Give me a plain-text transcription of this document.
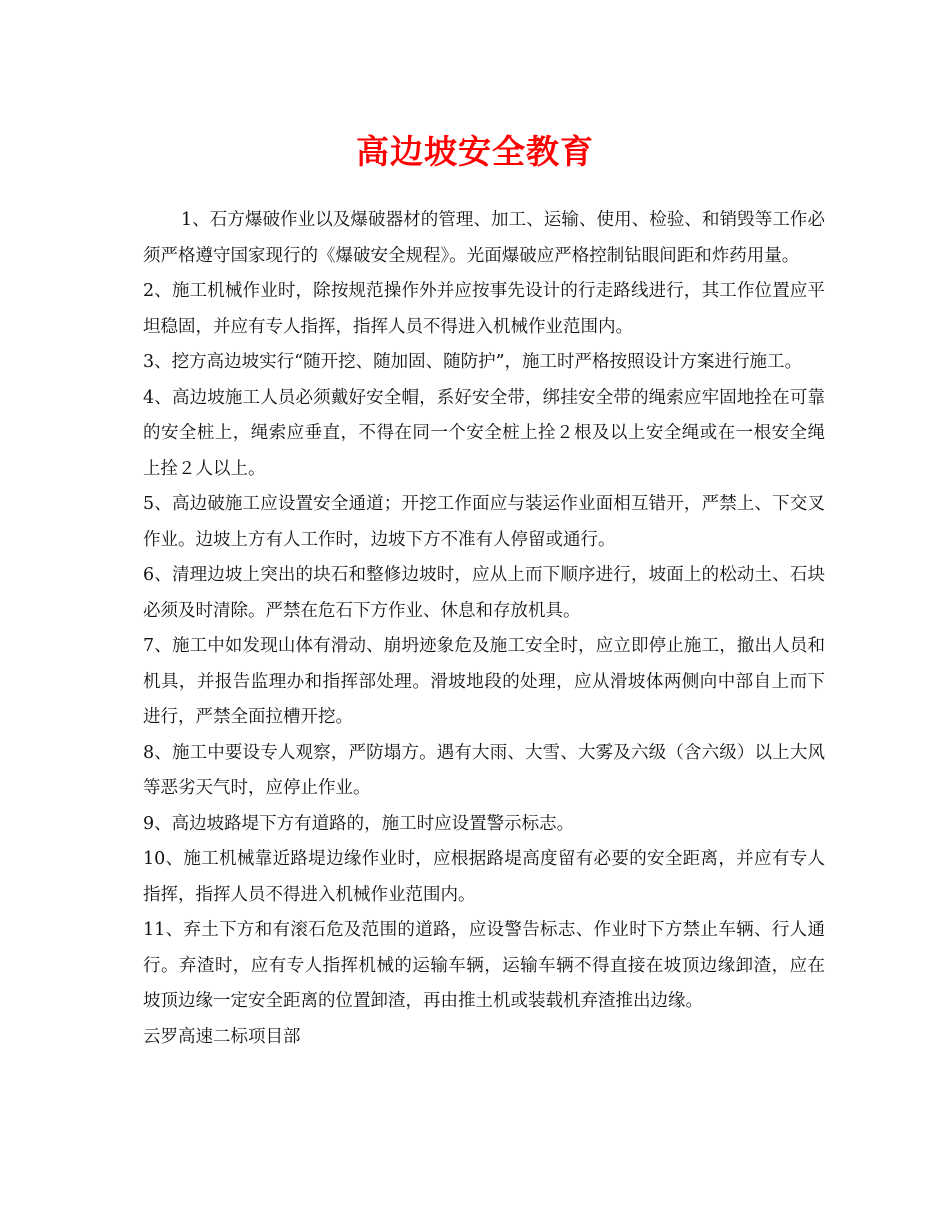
高边坡安全教育

1、石方爆破作业以及爆破器材的管理、加工、运输、使用、检验、和销毁等工作必须严格遵守国家现行的《爆破安全规程》。光面爆破应严格控制钻眼间距和炸药用量。

2、施工机械作业时，除按规范操作外并应按事先设计的行走路线进行，其工作位置应平坦稳固，并应有专人指挥，指挥人员不得进入机械作业范围内。

3、挖方高边坡实行“随开挖、随加固、随防护”，施工时严格按照设计方案进行施工。

4、高边坡施工人员必须戴好安全帽，系好安全带，绑挂安全带的绳索应牢固地拴在可靠的安全桩上，绳索应垂直，不得在同一个安全桩上拴２根及以上安全绳或在一根安全绳上拴２人以上。

5、高边破施工应设置安全通道；开挖工作面应与装运作业面相互错开，严禁上、下交叉作业。边坡上方有人工作时，边坡下方不准有人停留或通行。

6、清理边坡上突出的块石和整修边坡时，应从上而下顺序进行，坡面上的松动土、石块必须及时清除。严禁在危石下方作业、休息和存放机具。

7、施工中如发现山体有滑动、崩坍迹象危及施工安全时，应立即停止施工，撤出人员和机具，并报告监理办和指挥部处理。滑坡地段的处理，应从滑坡体两侧向中部自上而下进行，严禁全面拉槽开挖。

8、施工中要设专人观察，严防塌方。遇有大雨、大雪、大雾及六级（含六级）以上大风等恶劣天气时，应停止作业。

9、高边坡路堤下方有道路的，施工时应设置警示标志。

10、施工机械靠近路堤边缘作业时，应根据路堤高度留有必要的安全距离，并应有专人指挥，指挥人员不得进入机械作业范围内。

11、弃土下方和有滚石危及范围的道路，应设警告标志、作业时下方禁止车辆、行人通行。弃渣时，应有专人指挥机械的运输车辆，运输车辆不得直接在坡顶边缘卸渣，应在坡顶边缘一定安全距离的位置卸渣，再由推土机或装载机弃渣推出边缘。

云罗高速二标项目部
